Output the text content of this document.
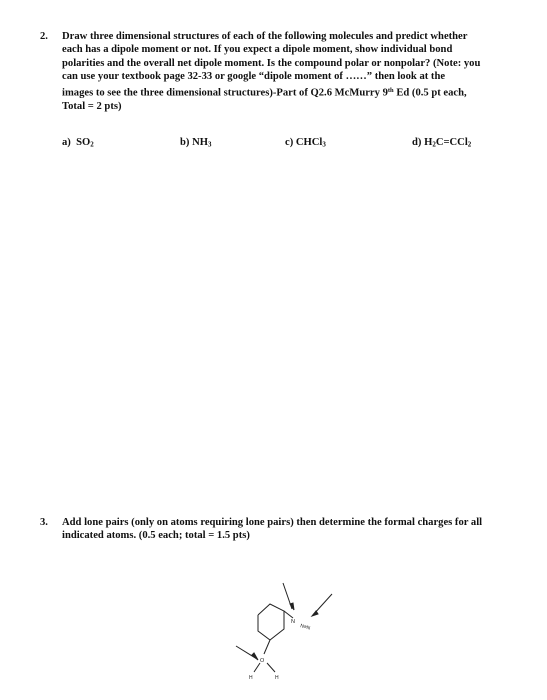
2. Draw three dimensional structures of each of the following molecules and predict whether
each has a dipole moment or not. If you expect a dipole moment, show individual bond
polarities and the overall net dipole moment. Is the compound polar or nonpolar? (Note: you
can use your textbook page 32-33 or google “dipole moment of ……” then look at the
images to see the three dimensional structures)-Part of Q2.6 McMurry 9th Ed (0.5 pt each,
Total = 2 pts)
a) $SO_2$	b) $NH_3$	c) CHCl$_3$	d) $H_2C=CCl_2$
3. Add lone pairs (only on atoms requiring lone pairs) then determine the formal charges for all
indicated atoms. (0.5 each; total = 1.5 pts)
N
N≡N
O
H	H
